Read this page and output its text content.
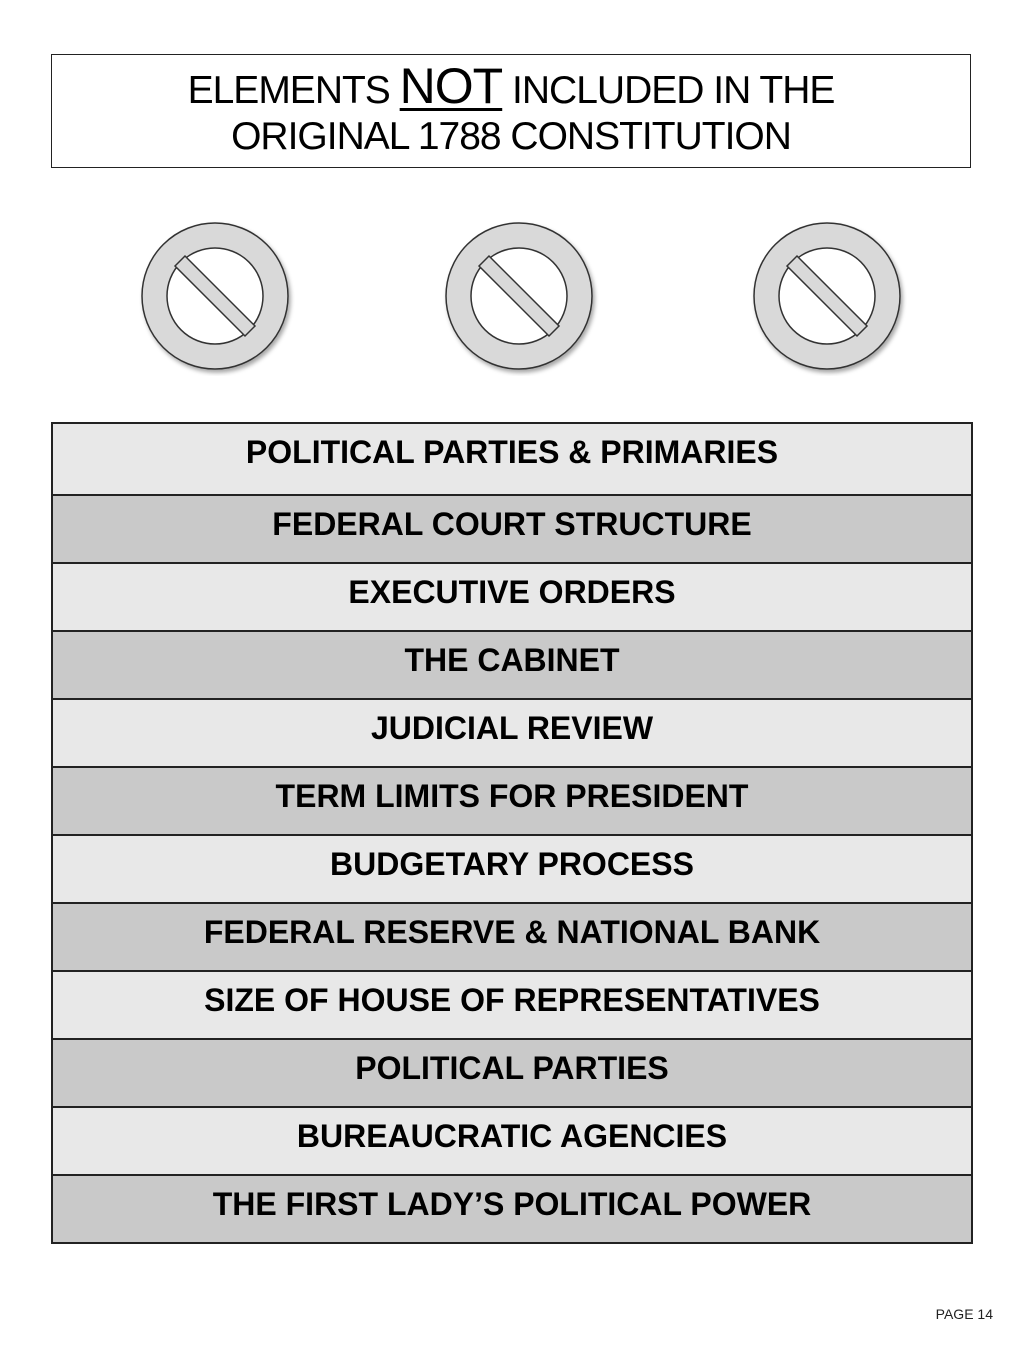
ELEMENTS NOT INCLUDED IN THE
ORIGINAL 1788 CONSTITUTION
POLITICAL PARTIES & PRIMARIES
FEDERAL COURT STRUCTURE
EXECUTIVE ORDERS
THE CABINET
JUDICIAL REVIEW
TERM LIMITS FOR PRESIDENT
BUDGETARY PROCESS
FEDERAL RESERVE & NATIONAL BANK
SIZE OF HOUSE OF REPRESENTATIVES
POLITICAL PARTIES
BUREAUCRATIC AGENCIES
THE FIRST LADY’S POLITICAL POWER
PAGE 14
